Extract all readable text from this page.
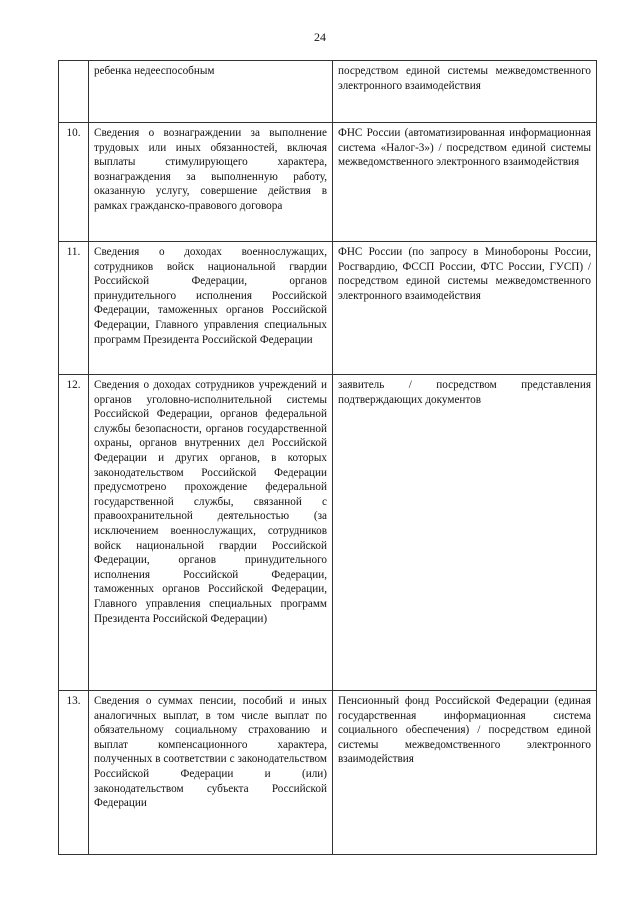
24
	ребенка недееспособным	посредством единой системы межведомственного электронного взаимодействия
10.	Сведения о вознаграждении за выполнение трудовых или иных обязанностей, включая выплаты стимулирующего характера, вознаграждения за выполненную работу, оказанную услугу, совершение действия в рамках гражданско-правового договора	ФНС России (автоматизированная информационная система «Налог-3») / посредством единой системы межведомственного электронного взаимодействия
11.	Сведения о доходах военнослужащих, сотрудников войск национальной гвардии Российской Федерации, органов принудительного исполнения Российской Федерации, таможенных органов Российской Федерации, Главного управления специальных программ Президента Российской Федерации	ФНС России (по запросу в Минобороны России, Росгвардию, ФССП России, ФТС России, ГУСП) / посредством единой системы межведомственного электронного взаимодействия
12.	Сведения о доходах сотрудников учреждений и органов уголовно-исполнительной системы Российской Федерации, органов федеральной службы безопасности, органов государственной охраны, органов внутренних дел Российской Федерации и других органов, в которых законодательством Российской Федерации предусмотрено прохождение федеральной государственной службы, связанной с правоохранительной деятельностью (за исключением военнослужащих, сотрудников войск национальной гвардии Российской Федерации, органов принудительного исполнения Российской Федерации, таможенных органов Российской Федерации, Главного управления специальных программ Президента Российской Федерации)	заявитель / посредством представления подтверждающих документов
13.	Сведения о суммах пенсии, пособий и иных аналогичных выплат, в том числе выплат по обязательному социальному страхованию и выплат компенсационного характера, полученных в соответствии с законодательством Российской Федерации и (или) законодательством субъекта Российской Федерации	Пенсионный фонд Российской Федерации (единая государственная информационная система социального обеспечения) / посредством единой системы межведомственного электронного взаимодействия
